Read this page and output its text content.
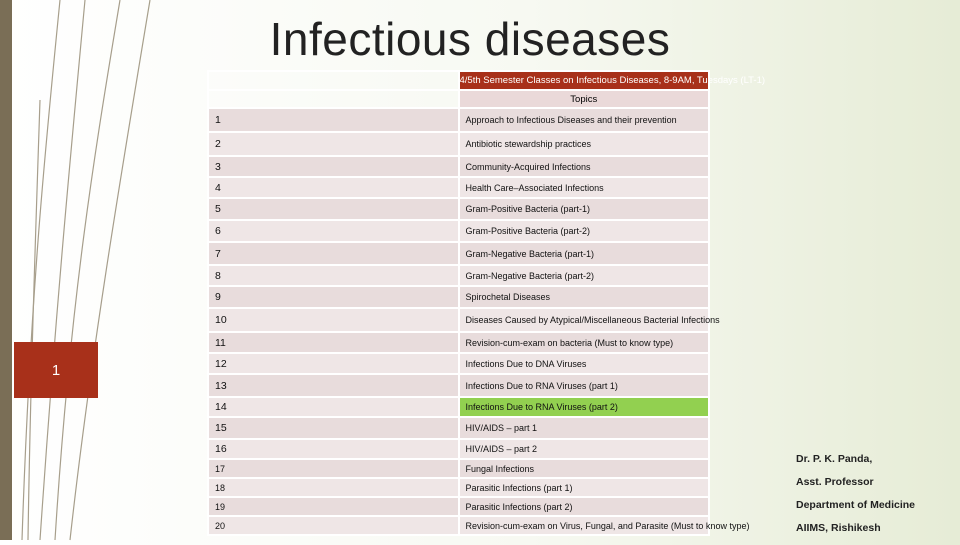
Infectious diseases
1
	4/5th Semester Classes on Infectious Diseases, 8-9AM, Tuesdays (LT-1)
	Topics
1	Approach to Infectious Diseases and their prevention
2	Antibiotic stewardship practices
3	Community-Acquired Infections
4	Health Care–Associated Infections
5	Gram-Positive Bacteria (part-1)
6	Gram-Positive Bacteria (part-2)
7	Gram-Negative Bacteria (part-1)
8	Gram-Negative Bacteria (part-2)
9	Spirochetal Diseases
10	Diseases Caused by Atypical/Miscellaneous Bacterial Infections
11	Revision-cum-exam on bacteria (Must to know type)
12	Infections Due to DNA Viruses
13	Infections Due to RNA Viruses (part 1)
14	Infections Due to RNA Viruses (part 2)
15	HIV/AIDS – part 1
16	HIV/AIDS – part 2
17	Fungal Infections
18	Parasitic Infections (part 1)
19	Parasitic Infections (part 2)
20	Revision-cum-exam on Virus, Fungal, and Parasite (Must to know type)
Dr. P. K. Panda,
Asst. Professor
Department of Medicine
AIIMS, Rishikesh
